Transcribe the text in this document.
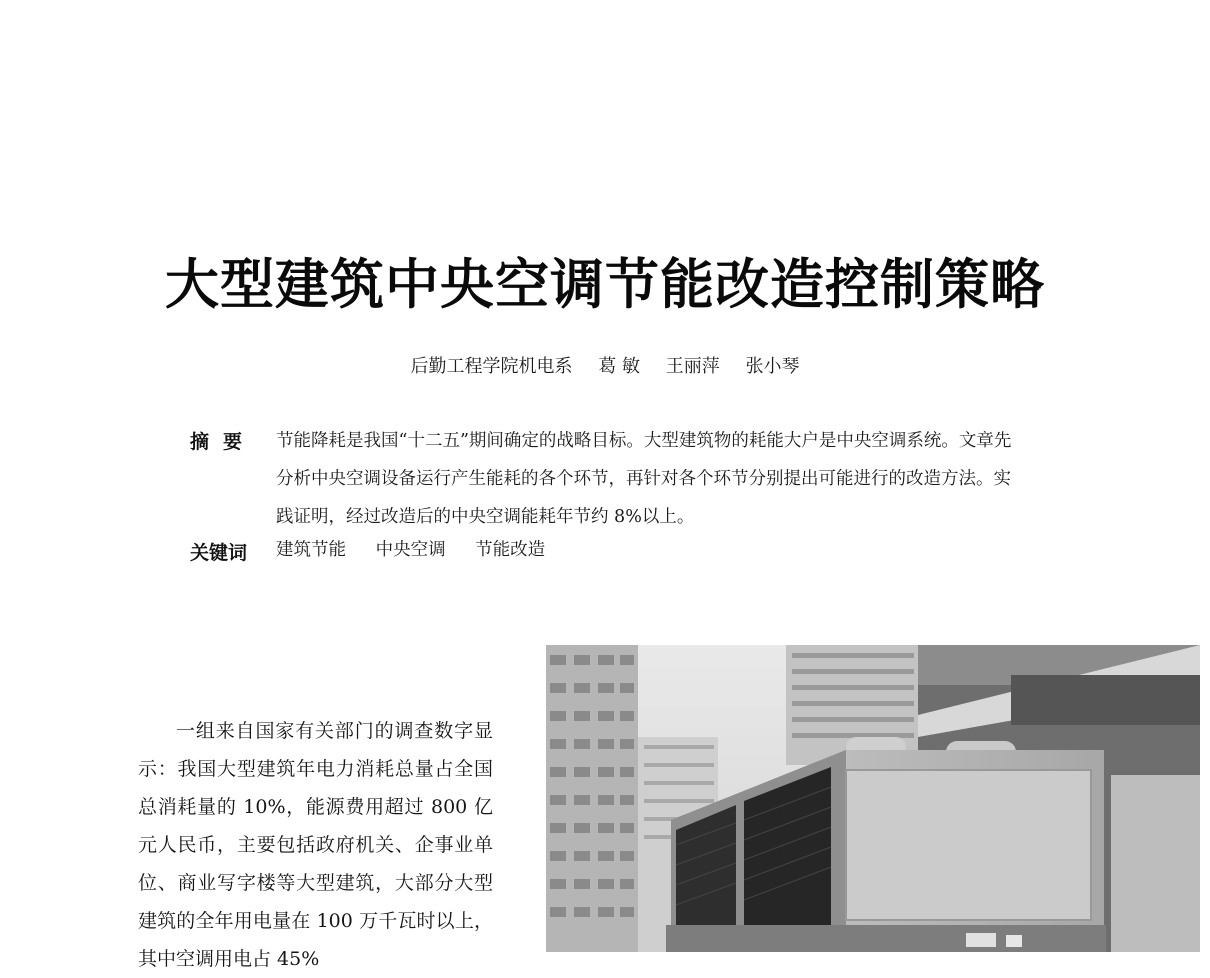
大型建筑中央空调节能改造控制策略
后勤工程学院机电系 葛 敏 王丽萍 张小琴
摘要 节能降耗是我国“十二五”期间确定的战略目标。大型建筑物的耗能大户是中央空调系统。文章先分析中央空调设备运行产生能耗的各个环节，再针对各个环节分别提出可能进行的改造方法。实践证明，经过改造后的中央空调能耗年节约 8%以上。
关键词 建筑节能 中央空调 节能改造
一组来自国家有关部门的调查数字显示：我国大型建筑年电力消耗总量占全国总消耗量的 10%，能源费用超过 800 亿元人民币，主要包括政府机关、企事业单位、商业写字楼等大型建筑，大部分大型建筑的全年用电量在 100 万千瓦时以上，其中空调用电占 45%
